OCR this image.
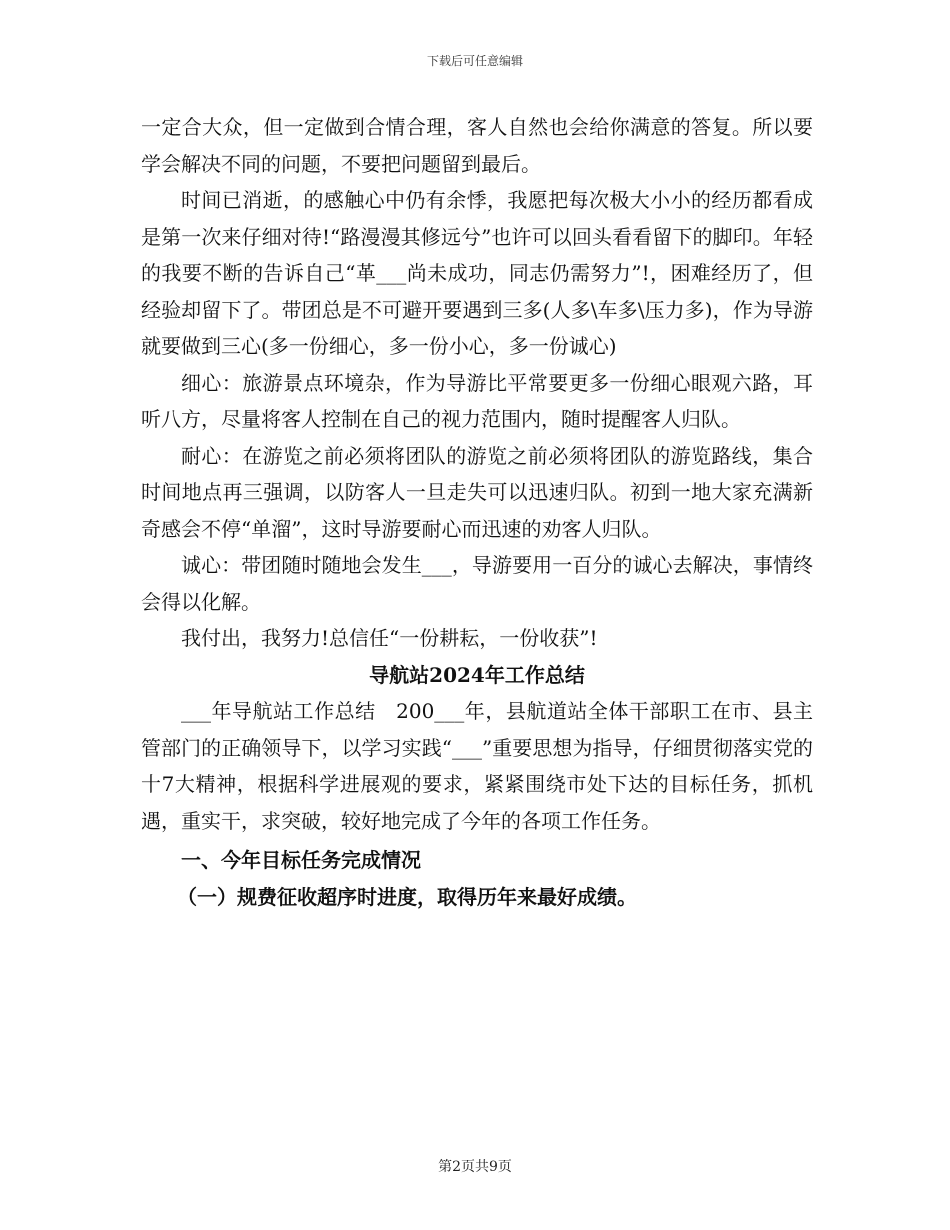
下载后可任意编辑

一定合大众，但一定做到合情合理，客人自然也会给你满意的答复。所以要学会解决不同的问题，不要把问题留到最后。

时间已消逝，的感触心中仍有余悸，我愿把每次极大小小的经历都看成是第一次来仔细对待!“路漫漫其修远兮”也许可以回头看看留下的脚印。年轻的我要不断的告诉自己“革___尚未成功，同志仍需努力”!，困难经历了，但经验却留下了。带团总是不可避开要遇到三多(人多\车多\压力多)，作为导游就要做到三心(多一份细心，多一份小心，多一份诚心)

细心：旅游景点环境杂，作为导游比平常要更多一份细心眼观六路，耳听八方，尽量将客人控制在自己的视力范围内，随时提醒客人归队。

耐心：在游览之前必须将团队的游览之前必须将团队的游览路线，集合时间地点再三强调，以防客人一旦走失可以迅速归队。初到一地大家充满新奇感会不停“单溜”，这时导游要耐心而迅速的劝客人归队。

诚心：带团随时随地会发生___，导游要用一百分的诚心去解决，事情终会得以化解。

我付出，我努力!总信任“一份耕耘，一份收获”!

导航站2024年工作总结

___年导航站工作总结　200___年，县航道站全体干部职工在市、县主管部门的正确领导下，以学习实践“___”重要思想为指导，仔细贯彻落实党的十7大精神，根据科学进展观的要求，紧紧围绕市处下达的目标任务，抓机遇，重实干，求突破，较好地完成了今年的各项工作任务。

一、今年目标任务完成情况

（一）规费征收超序时进度，取得历年来最好成绩。

第2页共9页
